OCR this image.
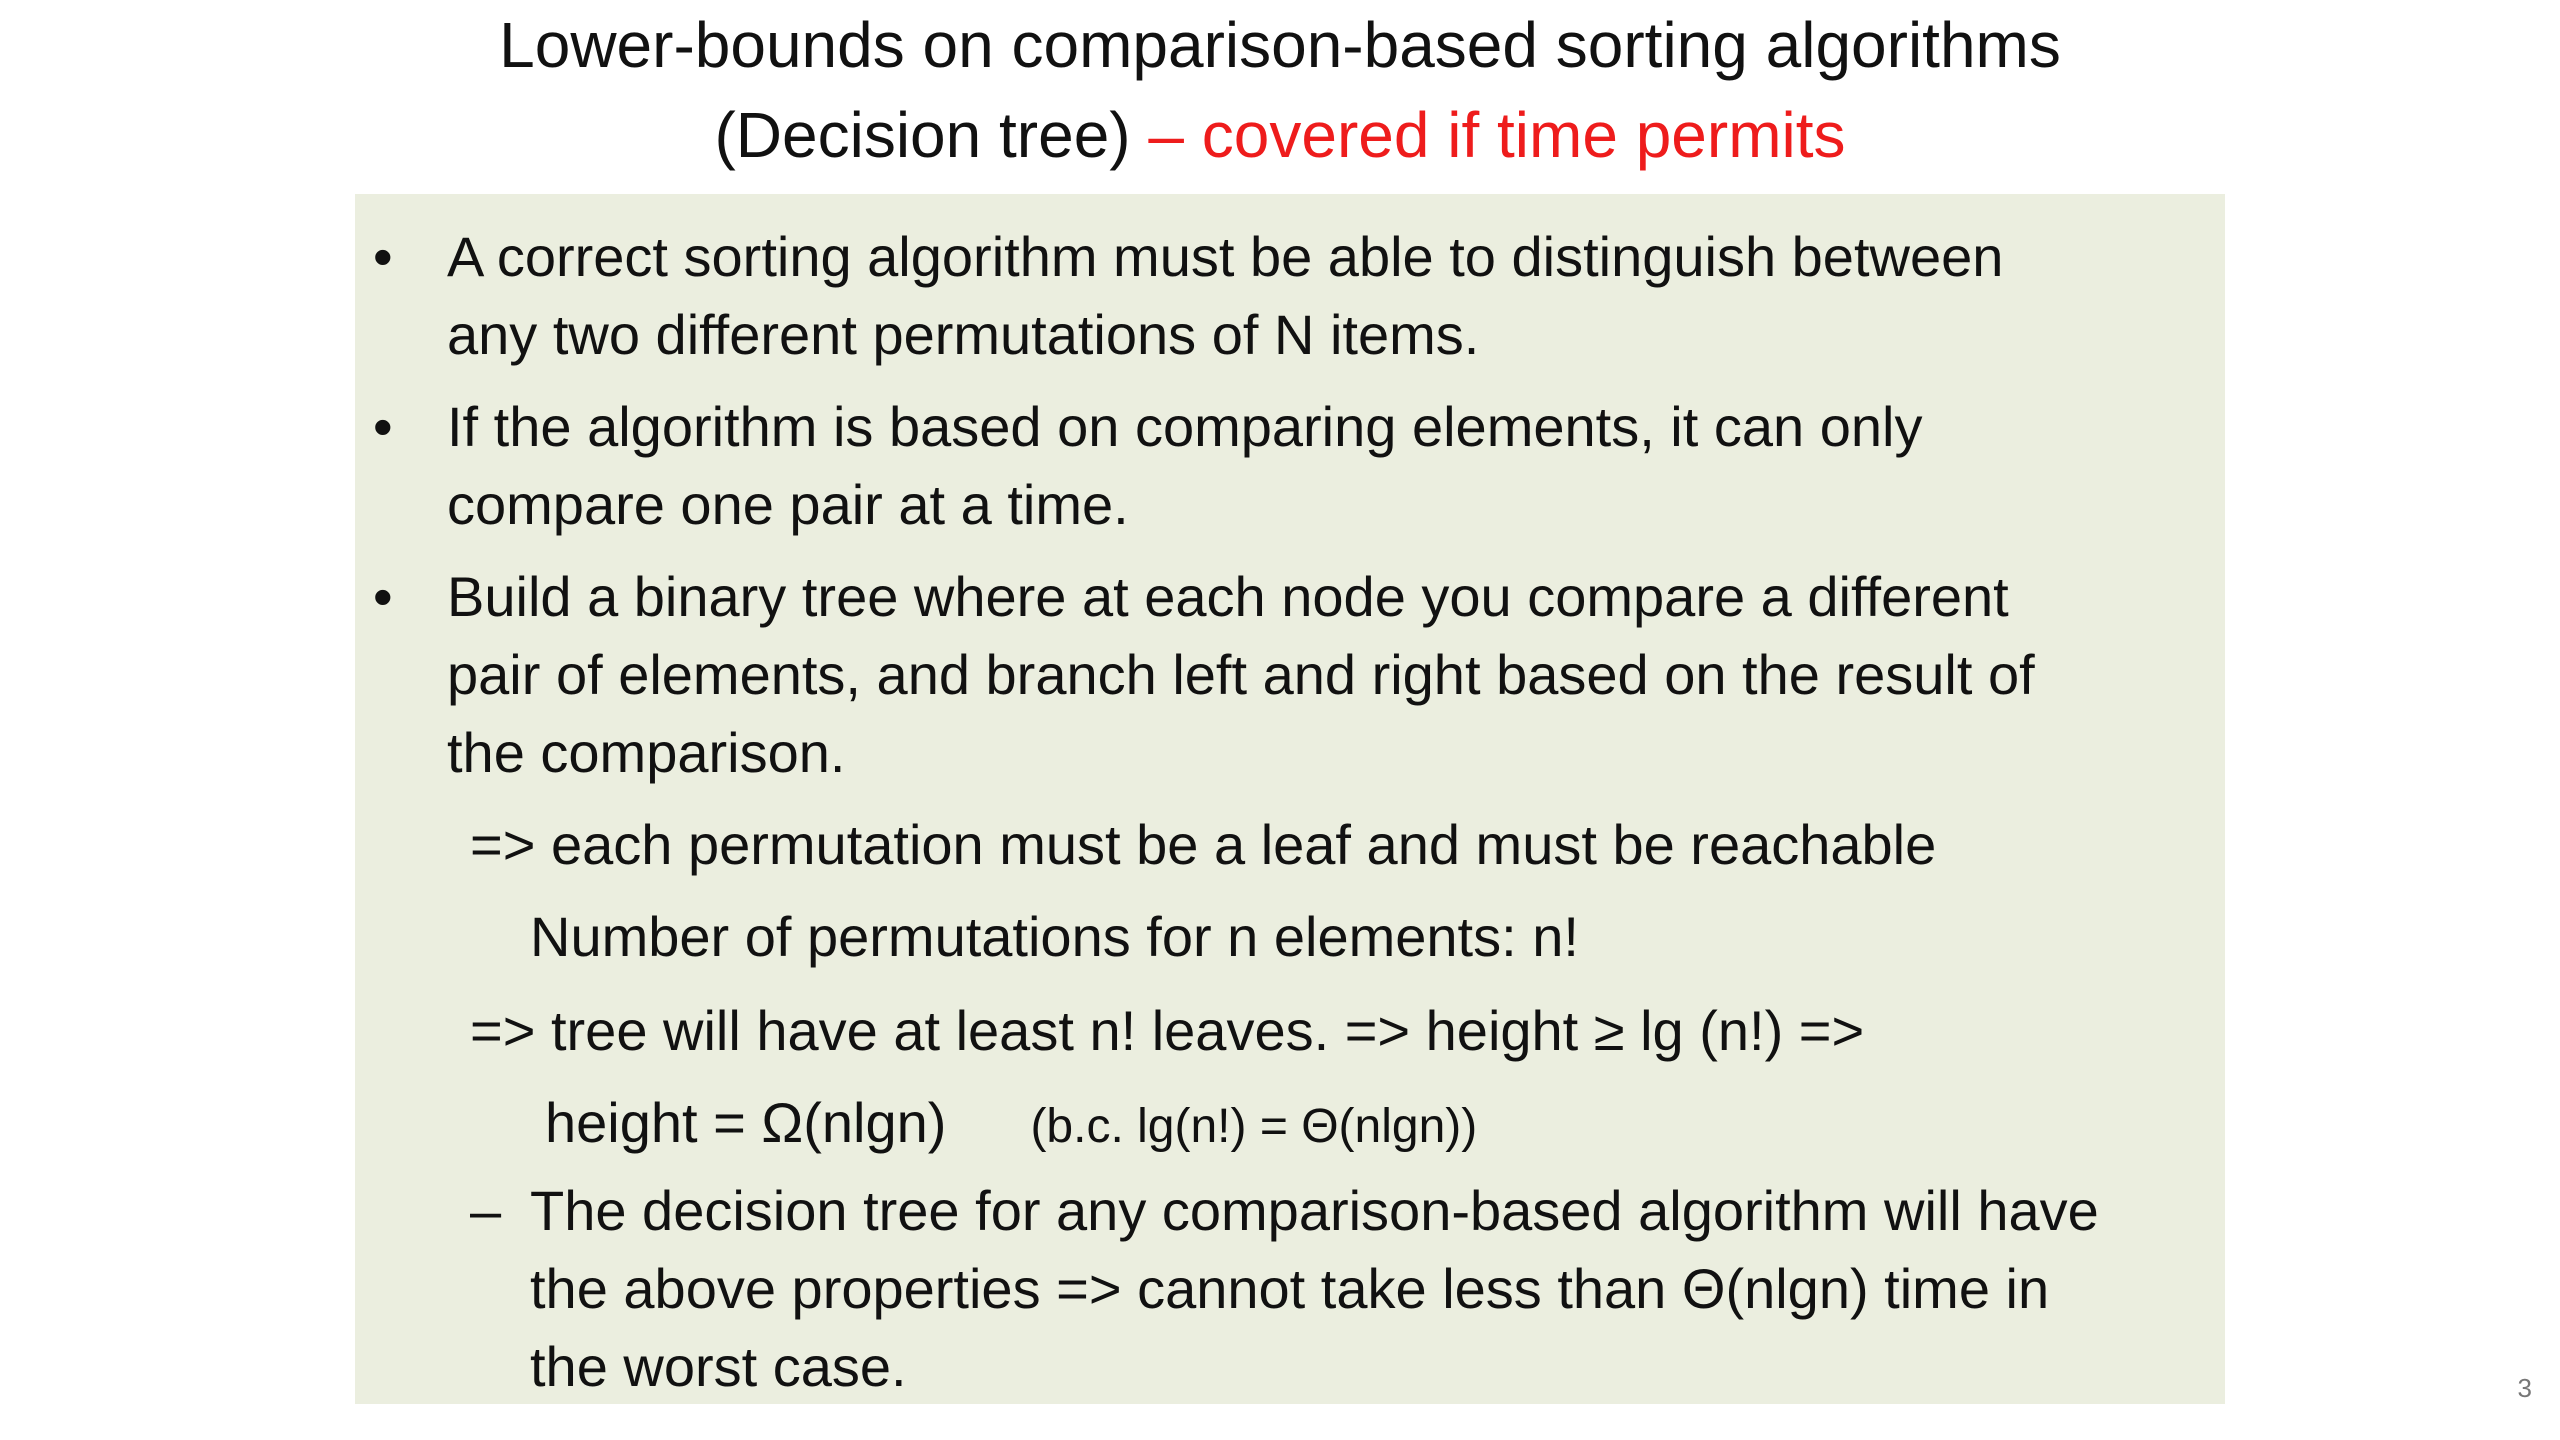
Lower-bounds on comparison-based sorting algorithms
(Decision tree) – covered if time permits
• A correct sorting algorithm must be able to distinguish between
any two different permutations of N items.
• If the algorithm is based on comparing elements, it can only
compare one pair at a time.
• Build a binary tree where at each node you compare a different
pair of elements, and branch left and right based on the result of
the comparison.
=> each permutation must be a leaf and must be reachable
Number of permutations for n elements: n!
=> tree will have at least n! leaves. => height ≥ lg (n!) =>
height = Ω(nlgn) (b.c. lg(n!) = Θ(nlgn))
– The decision tree for any comparison-based algorithm will have
the above properties => cannot take less than Θ(nlgn) time in
the worst case.	3
